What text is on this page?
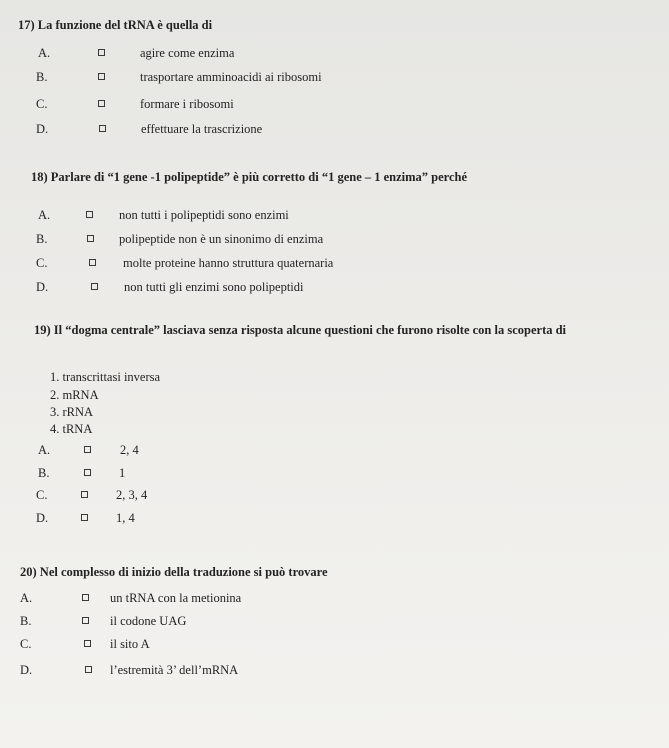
17) La funzione del tRNA è quella di
A.	agire come enzima
B.	trasportare amminoacidi ai ribosomi
C.	formare i ribosomi
D.	effettuare la trascrizione
18) Parlare di “1 gene -1 polipeptide” è più corretto di “1 gene – 1 enzima” perché
A.	non tutti i polipeptidi sono enzimi
B.	polipeptide non è un sinonimo di enzima
C.	molte proteine hanno struttura quaternaria
D.	non tutti gli enzimi sono polipeptidi
19) Il “dogma centrale” lasciava senza risposta alcune questioni che furono risolte con la scoperta di
1. transcrittasi inversa
2. mRNA
3. rRNA
4. tRNA
A.	2, 4
B.	1
C.	2, 3, 4
D.	1, 4
20) Nel complesso di inizio della traduzione si può trovare
A.	un tRNA con la metionina
B.	il codone UAG
C.	il sito A
D.	l’estremità 3’ dell’mRNA
